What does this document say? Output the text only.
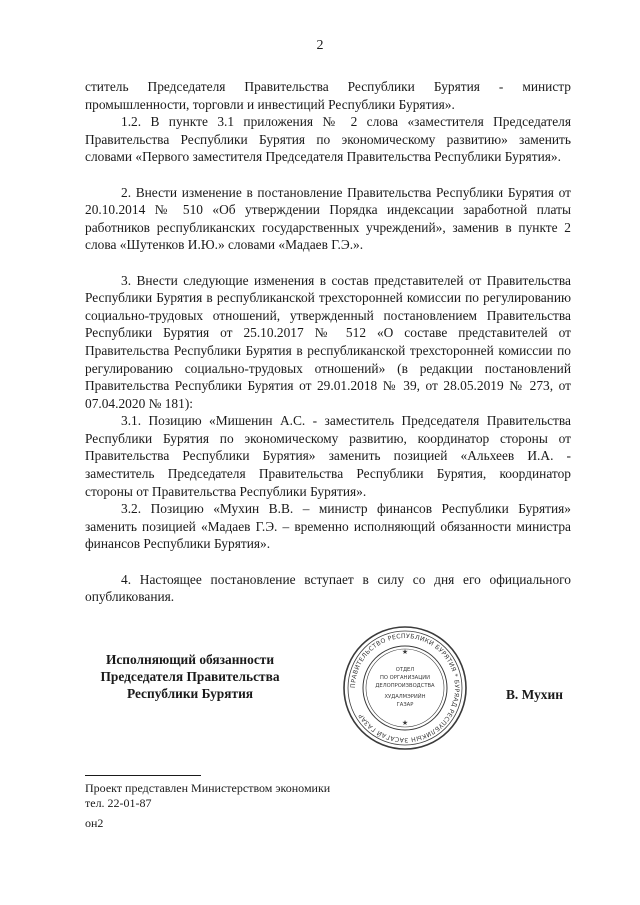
2

ститель Председателя Правительства Республики Бурятия - министр промышленности, торговли и инвестиций Республики Бурятия».

1.2. В пункте 3.1 приложения № 2 слова «заместителя Председателя Правительства Республики Бурятия по экономическому развитию» заменить словами «Первого заместителя Председателя Правительства Республики Бурятия».

2. Внести изменение в постановление Правительства Республики Бурятия от 20.10.2014 № 510 «Об утверждении Порядка индексации заработной платы работников республиканских государственных учреждений», заменив в пункте 2 слова «Шутенков И.Ю.» словами «Мадаев Г.Э.».

3. Внести следующие изменения в состав представителей от Правительства Республики Бурятия в республиканской трехсторонней комиссии по регулированию социально-трудовых отношений, утвержденный постановлением Правительства Республики Бурятия от 25.10.2017 № 512 «О составе представителей от Правительства Республики Бурятия в республиканской трехсторонней комиссии по регулированию социально-трудовых отношений» (в редакции постановлений Правительства Республики Бурятия от 29.01.2018 № 39, от 28.05.2019 № 273, от 07.04.2020 № 181):

3.1. Позицию «Мишенин А.С. - заместитель Председателя Правительства Республики Бурятия по экономическому развитию, координатор стороны от Правительства Республики Бурятия» заменить позицией «Альхеев И.А. - заместитель Председателя Правительства Республики Бурятия, координатор стороны от Правительства Республики Бурятия».

3.2. Позицию «Мухин В.В. – министр финансов Республики Бурятия» заменить позицией «Мадаев Г.Э. – временно исполняющий обязанности министра финансов Республики Бурятия».

4. Настоящее постановление вступает в силу со дня его официального опубликования.

Исполняющий обязанности
Председателя Правительства
Республики Бурятия
ПРАВИТЕЛЬСТВО РЕСПУБЛИКИ БУРЯТИЯ * БУРЯАД РЕСПУБЛИКЫН ЗАСАГАЙ ГАЗАР
ОТДЕЛ
ПО ОРГАНИЗАЦИИ
ДЕЛОПРОИЗВОДСТВА
ХУДАЛМЭРИЙН
ГАЗАР
★
★
В. Мухин
Проект представлен Министерством экономики
тел. 22-01-87
он2
